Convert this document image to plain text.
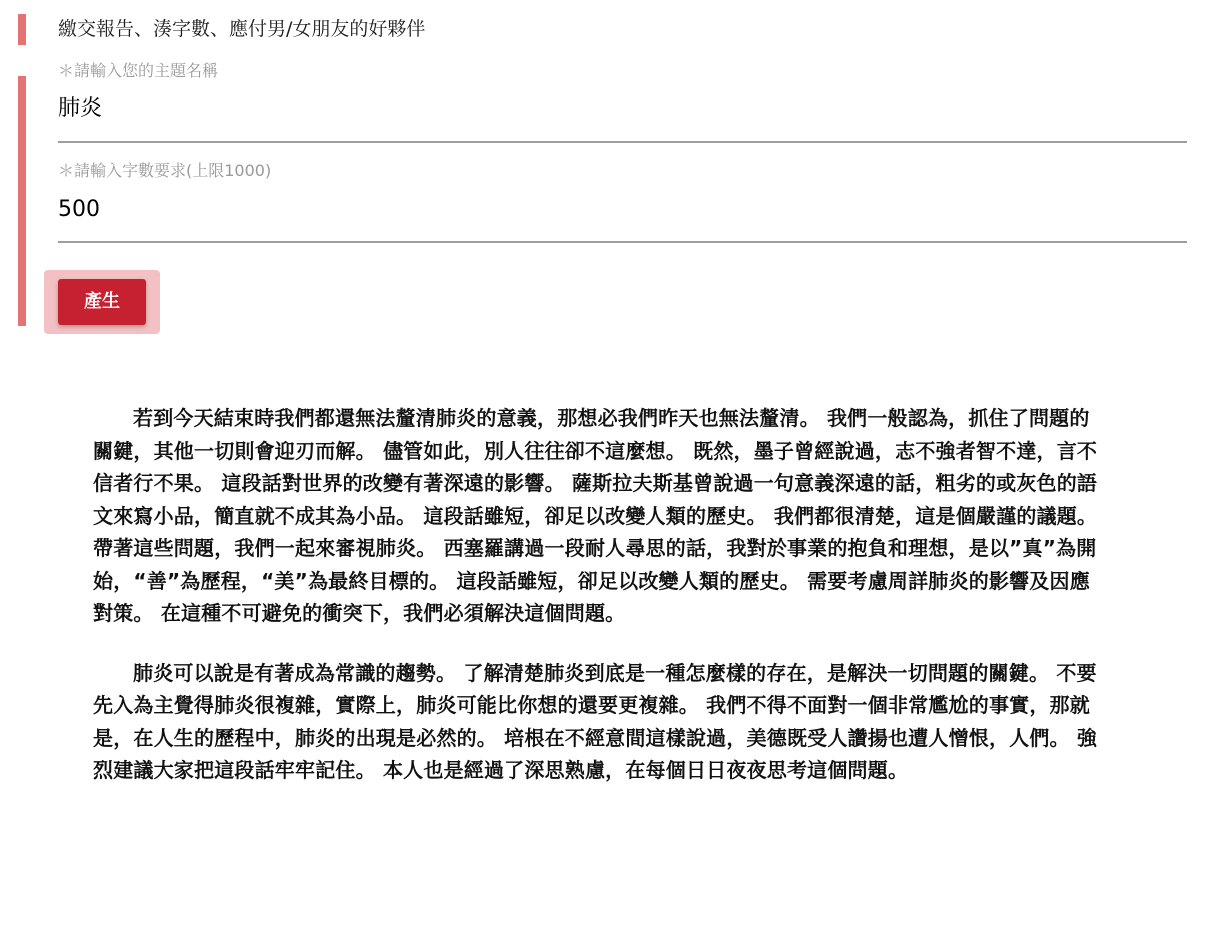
繳交報告、湊字數、應付男/女朋友的好夥伴
＊請輸入您的主題名稱
肺炎
＊請輸入字數要求(上限1000)
500
產生

若到今天結束時我們都還無法釐清肺炎的意義，那想必我們昨天也無法釐清。 我們一般認為，抓住了問題的關鍵，其他一切則會迎刃而解。 儘管如此，別人往往卻不這麼想。 既然，墨子曾經說過，志不強者智不達，言不信者行不果。 這段話對世界的改變有著深遠的影響。 薩斯拉夫斯基曾說過一句意義深遠的話，粗劣的或灰色的語文來寫小品，簡直就不成其為小品。 這段話雖短，卻足以改變人類的歷史。 我們都很清楚，這是個嚴謹的議題。 帶著這些問題，我們一起來審視肺炎。 西塞羅講過一段耐人尋思的話，我對於事業的抱負和理想，是以”真”為開始，“善”為歷程，“美”為最終目標的。 這段話雖短，卻足以改變人類的歷史。 需要考慮周詳肺炎的影響及因應對策。 在這種不可避免的衝突下，我們必須解決這個問題。

肺炎可以說是有著成為常識的趨勢。 了解清楚肺炎到底是一種怎麼樣的存在，是解決一切問題的關鍵。 不要先入為主覺得肺炎很複雜，實際上，肺炎可能比你想的還要更複雜。 我們不得不面對一個非常尷尬的事實，那就是，在人生的歷程中，肺炎的出現是必然的。 培根在不經意間這樣說過，美德既受人讚揚也遭人憎恨，人們。 強烈建議大家把這段話牢牢記住。 本人也是經過了深思熟慮，在每個日日夜夜思考這個問題。
